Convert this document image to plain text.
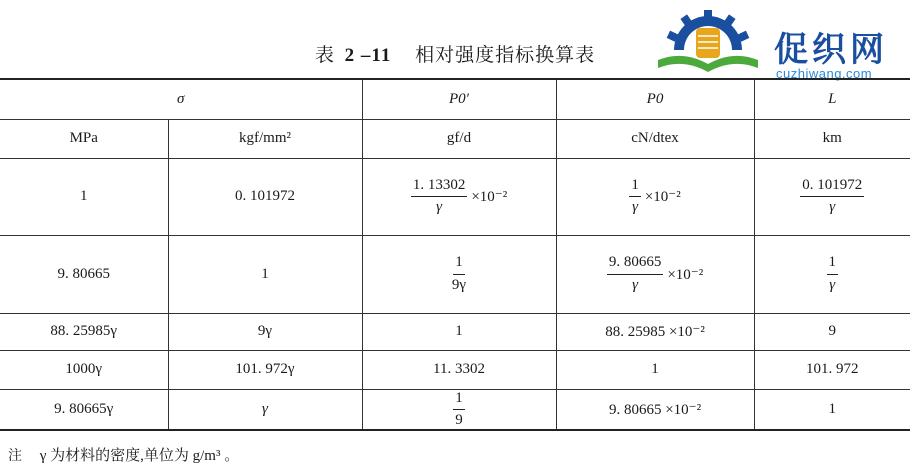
表 2 –11 相对强度指标换算表	促织网
cuzhiwang.com
σ		P0′	P0	L
MPa	kgf/mm²	gf/d	cN/dtex	km
1	0. 101972	$\frac{1. 13302}{\gamma} \times 10^{-2}$	$\frac{1}{\gamma} \times 10^{-2}$	$\frac{0. 101972}{\gamma}$

9. 80665	1	$\frac{1}{9\gamma}$	$\frac{9. 80665}{\gamma} \times 10^{-2}$	$\frac{1}{\gamma}$

88. 25985γ	9γ	1	88. 25985 ×10⁻²	9
1000γ	101. 972γ	11. 3302	1	101. 972
9. 80665γ	γ	$\frac{1}{9}$	9. 80665 ×10⁻²	1
注 γ 为材料的密度,单位为 g/m³ 。
